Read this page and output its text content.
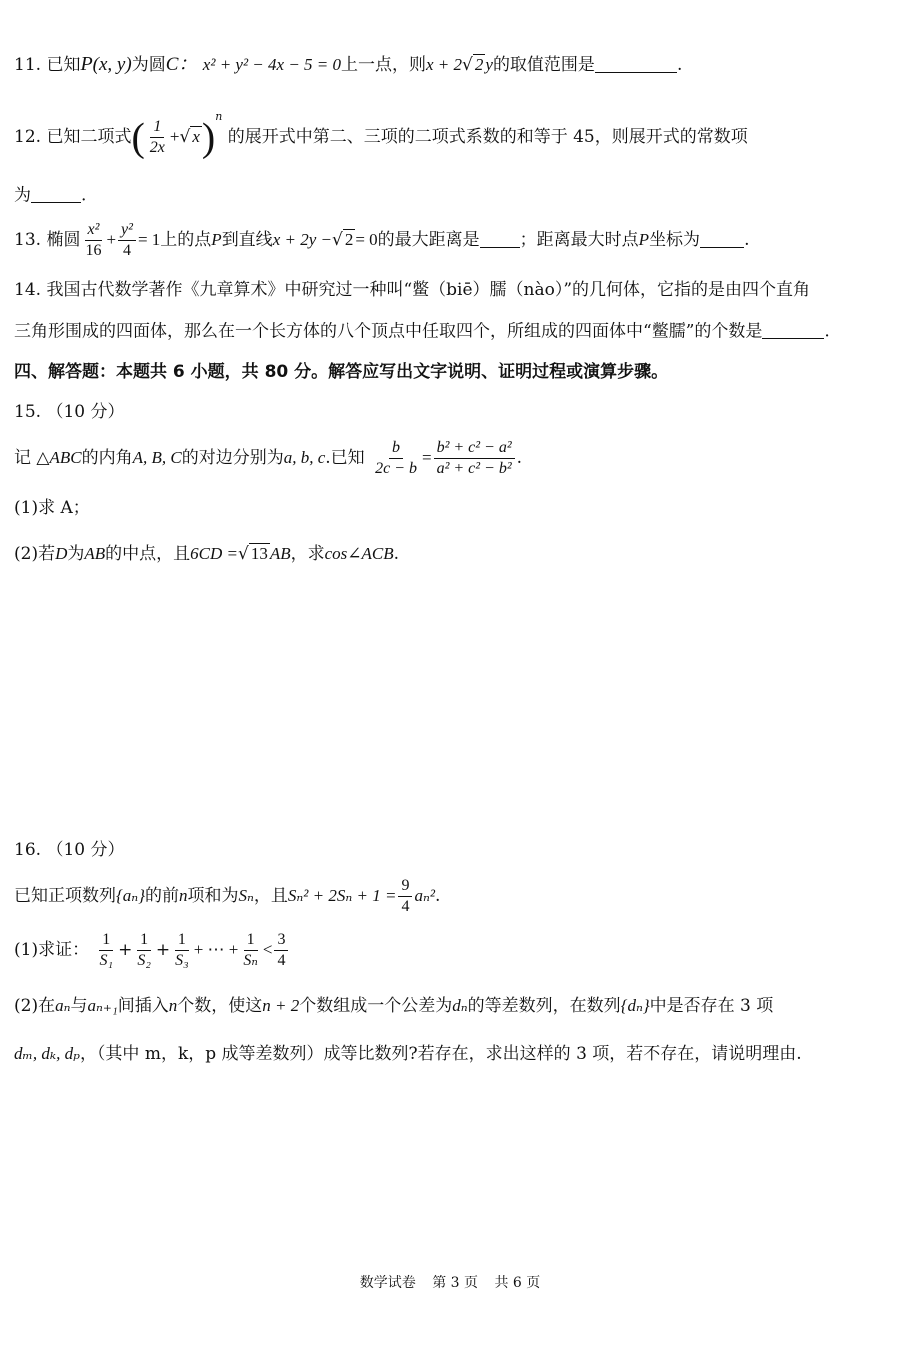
11. 已知P(x, y)为圆C： x² + y² − 4x − 5 = 0上一点，则x + 2√ 2 y的取值范围是	.
12. 已知二项式( $\frac{1}{2x}$ +√ x)$^n$ 的展开式中第二、三项的二项式系数的和等于 45，则展开式的常数项
为	.
13. 椭圆 $\frac{\text{x²}}{16} + \frac{\text{y²}}{4} = 1$上的点P到直线x + 2y −√ 2 = 0的最大距离是 ；距离最大时点P坐标为	.
14. 我国古代数学著作《九章算术》中研究过一种叫“鳖（biē）臑（nào）”的几何体，它指的是由四个直角
三角形围成的四面体，那么在一个长方体的八个顶点中任取四个，所组成的四面体中“鳖臑”的个数是	.
四、解答题：本题共 6 小题，共 80 分。解答应写出文字说明、证明过程或演算步骤。
15. （10 分）
记 △ABC的内角A, B, C的对边分别为a, b, c.已知 $\frac{b}{2c - b} = \frac{\text{b² + c² − a²}}{\text{a² + c² − b²}}$ .
(1)求 A；
(2)若D为AB的中点，且6CD =√ 13 AB，求cos∠ACB.
16. （10 分）
已知正项数列{aₙ}的前n项和为Sₙ，且$S_n^2 + 2S_n + 1 = \frac{9}{4} a_n^2$.
(1)求证： $\frac{1}{\text{S₁}} + \frac{1}{\text{S₂}} + \frac{1}{\text{S₃}}$ + ⋯ + $\frac{1}{\text{Sₙ}} < \frac{3}{4}$
(2)在aₙ与aₙ₊₁间插入n个数，使这n + 2个数组成一个公差为dₙ的等差数列，在数列{dₙ}中是否存在 3 项
dₘ, dₖ, dₚ，（其中 m，k，p 成等差数列）成等比数列?若存在，求出这样的 3 项，若不存在，请说明理由.
数学试卷 第 3 页 共 6 页
